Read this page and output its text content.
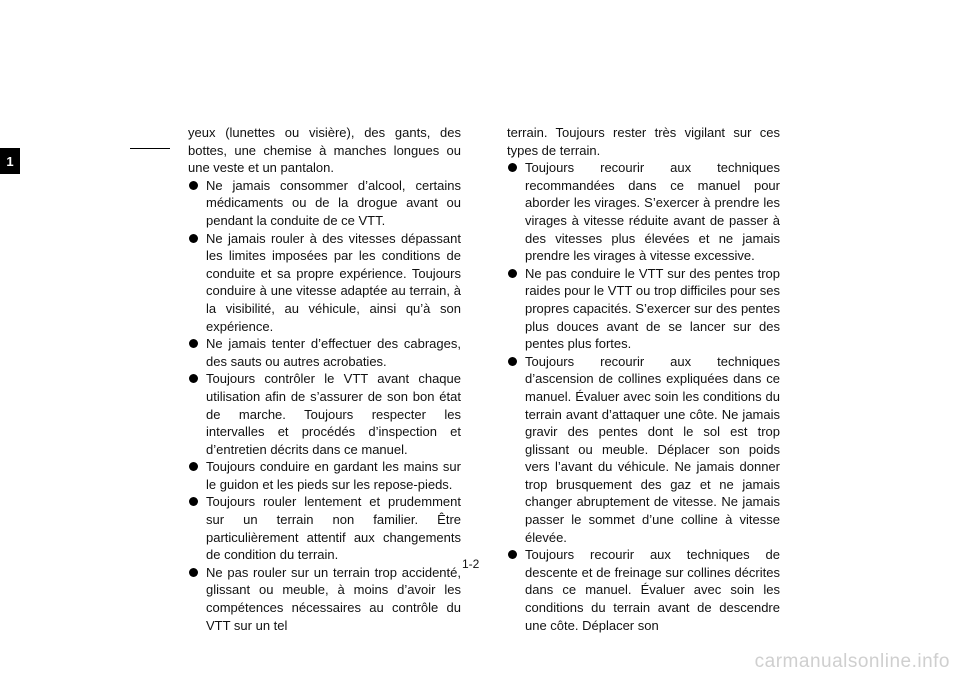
1

yeux (lunettes ou visière), des gants, des bottes, une chemise à manches longues ou une veste et un pantalon.

Ne jamais consommer d’alcool, certains médicaments ou de la drogue avant ou pendant la conduite de ce VTT.
Ne jamais rouler à des vitesses dépassant les limites imposées par les conditions de conduite et sa propre expérience. Toujours conduire à une vitesse adaptée au terrain, à la visibilité, au véhicule, ainsi qu’à son expérience.
Ne jamais tenter d’effectuer des cabrages, des sauts ou autres acrobaties.
Toujours contrôler le VTT avant chaque utilisation afin de s’assurer de son bon état de marche. Toujours respecter les intervalles et procédés d’inspection et d’entretien décrits dans ce manuel.
Toujours conduire en gardant les mains sur le guidon et les pieds sur les repose-pieds.
Toujours rouler lentement et prudemment sur un terrain non familier. Être particulièrement attentif aux changements de condition du terrain.
Ne pas rouler sur un terrain trop accidenté, glissant ou meuble, à moins d’avoir les compétences nécessaires au contrôle du VTT sur un tel

terrain. Toujours rester très vigilant sur ces types de terrain.

Toujours recourir aux techniques recommandées dans ce manuel pour aborder les virages. S’exercer à prendre les virages à vitesse réduite avant de passer à des vitesses plus élevées et ne jamais prendre les virages à vitesse excessive.
Ne pas conduire le VTT sur des pentes trop raides pour le VTT ou trop difficiles pour ses propres capacités. S’exercer sur des pentes plus douces avant de se lancer sur des pentes plus fortes.
Toujours recourir aux techniques d’ascension de collines expliquées dans ce manuel. Évaluer avec soin les conditions du terrain avant d’attaquer une côte. Ne jamais gravir des pentes dont le sol est trop glissant ou meuble. Déplacer son poids vers l’avant du véhicule. Ne jamais donner trop brusquement des gaz et ne jamais changer abruptement de vitesse. Ne jamais passer le sommet d’une colline à vitesse élevée.
Toujours recourir aux techniques de descente et de freinage sur collines décrites dans ce manuel. Évaluer avec soin les conditions du terrain avant de descendre une côte. Déplacer son
1-2
carmanualsonline.info
